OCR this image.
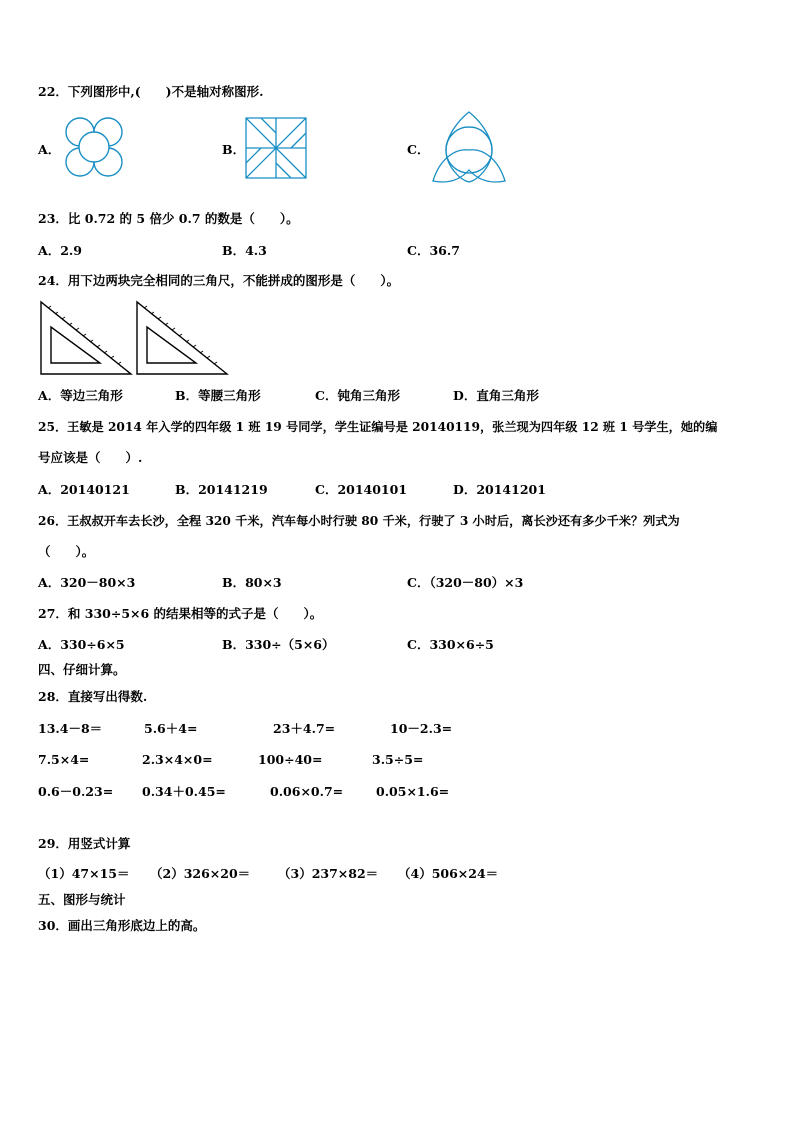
22．下列图形中,(　　)不是轴对称图形.
A．	B．	C．
23．比 0.72 的 5 倍少 0.7 的数是（　　）。
A．2.9	B．4.3	C．36.7
24．用下边两块完全相同的三角尺，不能拼成的图形是（　　）。
A．等边三角形	B．等腰三角形	C．钝角三角形	D．直角三角形
25．王敏是 2014 年入学的四年级 1 班 19 号同学，学生证编号是 20140119，张兰现为四年级 12 班 1 号学生，她的编
号应该是（　　）.
A．20140121	B．20141219	C．20140101	D．20141201
26．王叔叔开车去长沙，全程 320 千米，汽车每小时行驶 80 千米，行驶了 3 小时后，离长沙还有多少千米？列式为
（　　）。
A．320－80×3	B．80×3	C．（320－80）×3
27．和 330÷5×6 的结果相等的式子是（　　）。
A．330÷6×5	B．330÷（5×6）	C．330×6÷5
四、仔细计算。
28．直接写出得数.
13.4－8＝	5.6＋4=	23＋4.7=	10－2.3=
7.5×4=	2.3×4×0=	100÷40=	3.5÷5=
0.6－0.23= 0.34＋0.45=	0.06×0.7=	0.05×1.6=
29．用竖式计算
（1）47×15＝ （2）326×20＝ （3）237×82＝ （4）506×24＝
五、图形与统计
30．画出三角形底边上的高。
